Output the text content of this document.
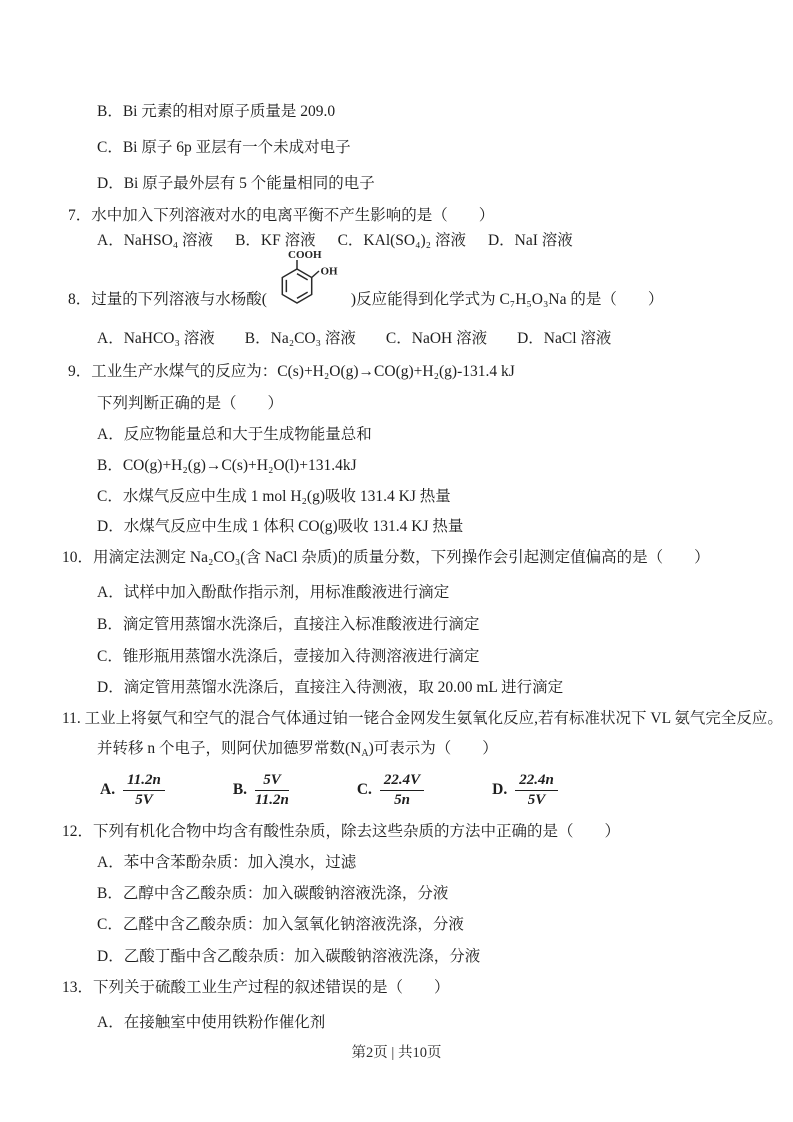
B．Bi 元素的相对原子质量是 209.0
C．Bi 原子 6p 亚层有一个未成对电子
D．Bi 原子最外层有 5 个能量相同的电子
7．水中加入下列溶液对水的电离平衡不产生影响的是（　　）
A．NaHSO₄ 溶液 B．KF 溶液 C．KAl(SO₄)₂ 溶液 D．NaI 溶液
8．过量的下列溶液与水杨酸(
COOH
OH
)反应能得到化学式为 C₇H₅O₃Na 的是（　　）
A．NaHCO₃ 溶液 B．Na₂CO₃ 溶液 C．NaOH 溶液 D．NaCl 溶液
9．工业生产水煤气的反应为：C(s)+H₂O(g)→CO(g)+H₂(g)-131.4 kJ
下列判断正确的是（　　）
A．反应物能量总和大于生成物能量总和
B．CO(g)+H₂(g)→C(s)+H₂O(l)+131.4kJ
C．水煤气反应中生成 1 mol H₂(g)吸收 131.4 KJ 热量
D．水煤气反应中生成 1 体积 CO(g)吸收 131.4 KJ 热量
10．用滴定法测定 Na₂CO₃(含 NaCl 杂质)的质量分数，下列操作会引起测定值偏高的是（　　）
A．试样中加入酚酞作指示剂，用标准酸液进行滴定
B．滴定管用蒸馏水洗涤后，直接注入标准酸液进行滴定
C．锥形瓶用蒸馏水洗涤后，壹接加入待测溶液进行滴定
D．滴定管用蒸馏水洗涤后，直接注入待测液，取 20.00 mL 进行滴定
11. 工业上将氨气和空气的混合气体通过铂一铑合金网发生氨氧化反应,若有标准状况下 VL 氨气完全反应。
并转移 n 个电子，则阿伏加德罗常数$(N_A)$可表示为（　　）
A. $\frac{11.2n}{5V}$	B. $\frac{5V}{11.2n}$	C. $\frac{22.4V}{5n}$	D. $\frac{22.4n}{5V}$
12．下列有机化合物中均含有酸性杂质，除去这些杂质的方法中正确的是（　　）
A．苯中含苯酚杂质：加入溴水，过滤
B．乙醇中含乙酸杂质：加入碳酸钠溶液洗涤，分液
C．乙醛中含乙酸杂质：加入氢氧化钠溶液洗涤，分液
D．乙酸丁酯中含乙酸杂质：加入碳酸钠溶液洗涤，分液
13．下列关于硫酸工业生产过程的叙述错误的是（　　）
A．在接触室中使用铁粉作催化剂
第2页 | 共10页
